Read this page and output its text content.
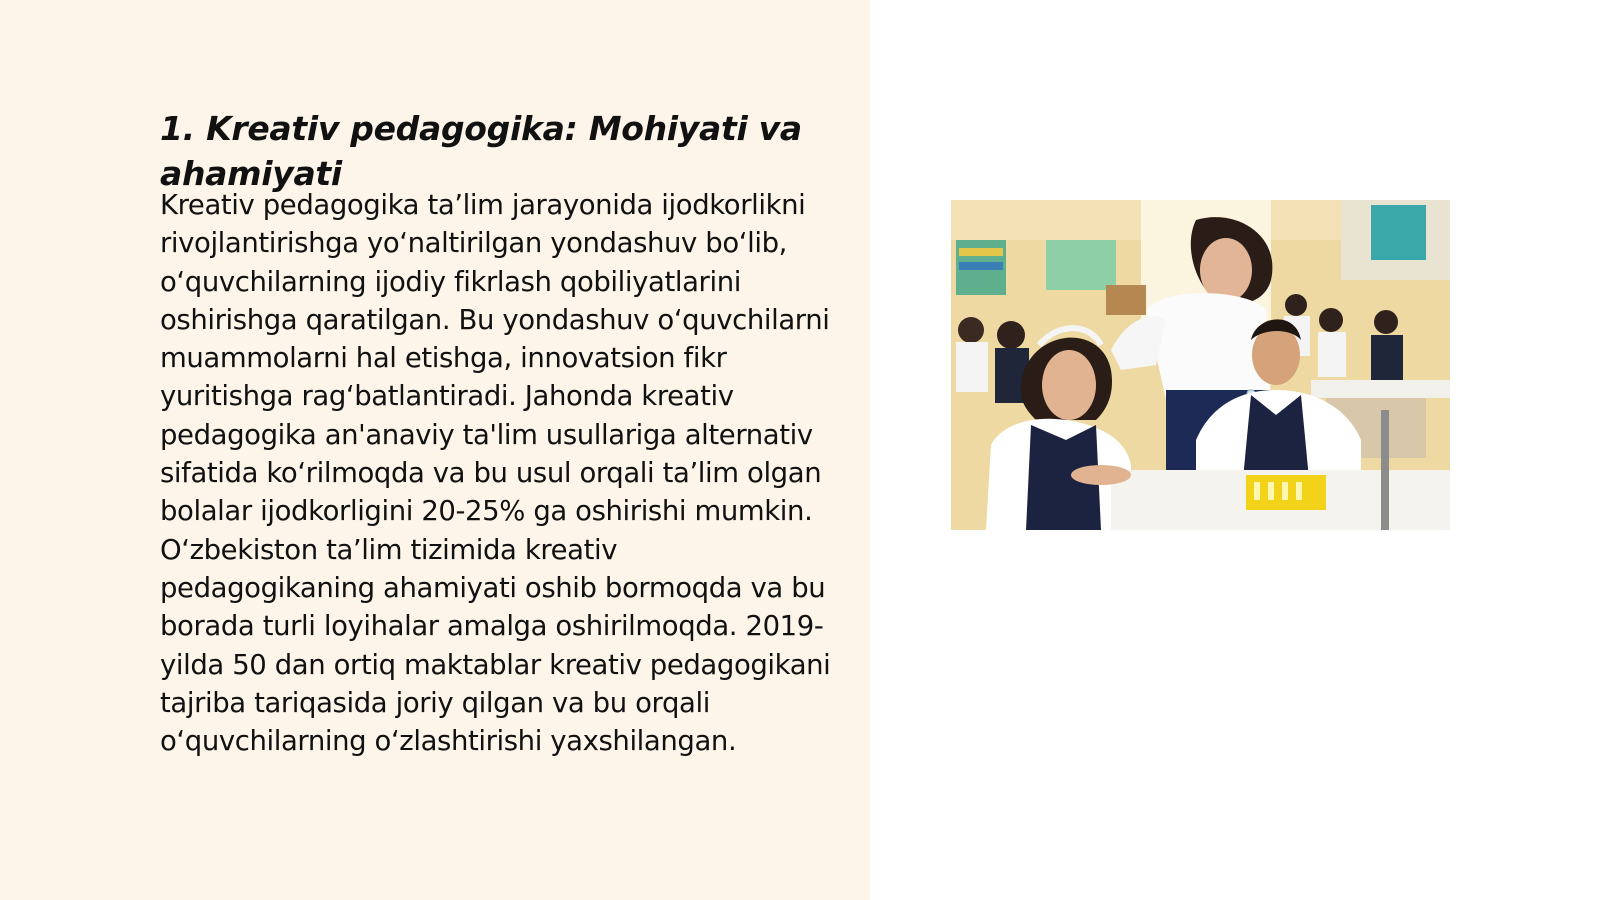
1. Kreativ pedagogika: Mohiyati va ahamiyati

Kreativ pedagogika ta’lim jarayonida ijodkorlikni rivojlantirishga yo‘naltirilgan yondashuv bo‘lib, o‘quvchilarning ijodiy fikrlash qobiliyatlarini oshirishga qaratilgan. Bu yondashuv o‘quvchilarni muammolarni hal etishga, innovatsion fikr yuritishga rag‘batlantiradi. Jahonda kreativ pedagogika an'anaviy ta'lim usullariga alternativ sifatida ko‘rilmoqda va bu usul orqali ta’lim olgan bolalar ijodkorligini 20-25% ga oshirishi mumkin. O‘zbekiston ta’lim tizimida kreativ pedagogikaning ahamiyati oshib bormoqda va bu borada turli loyihalar amalga oshirilmoqda. 2019-yilda 50 dan ortiq maktablar kreativ pedagogikani tajriba tariqasida joriy qilgan va bu orqali o‘quvchilarning o‘zlashtirishi yaxshilangan.
